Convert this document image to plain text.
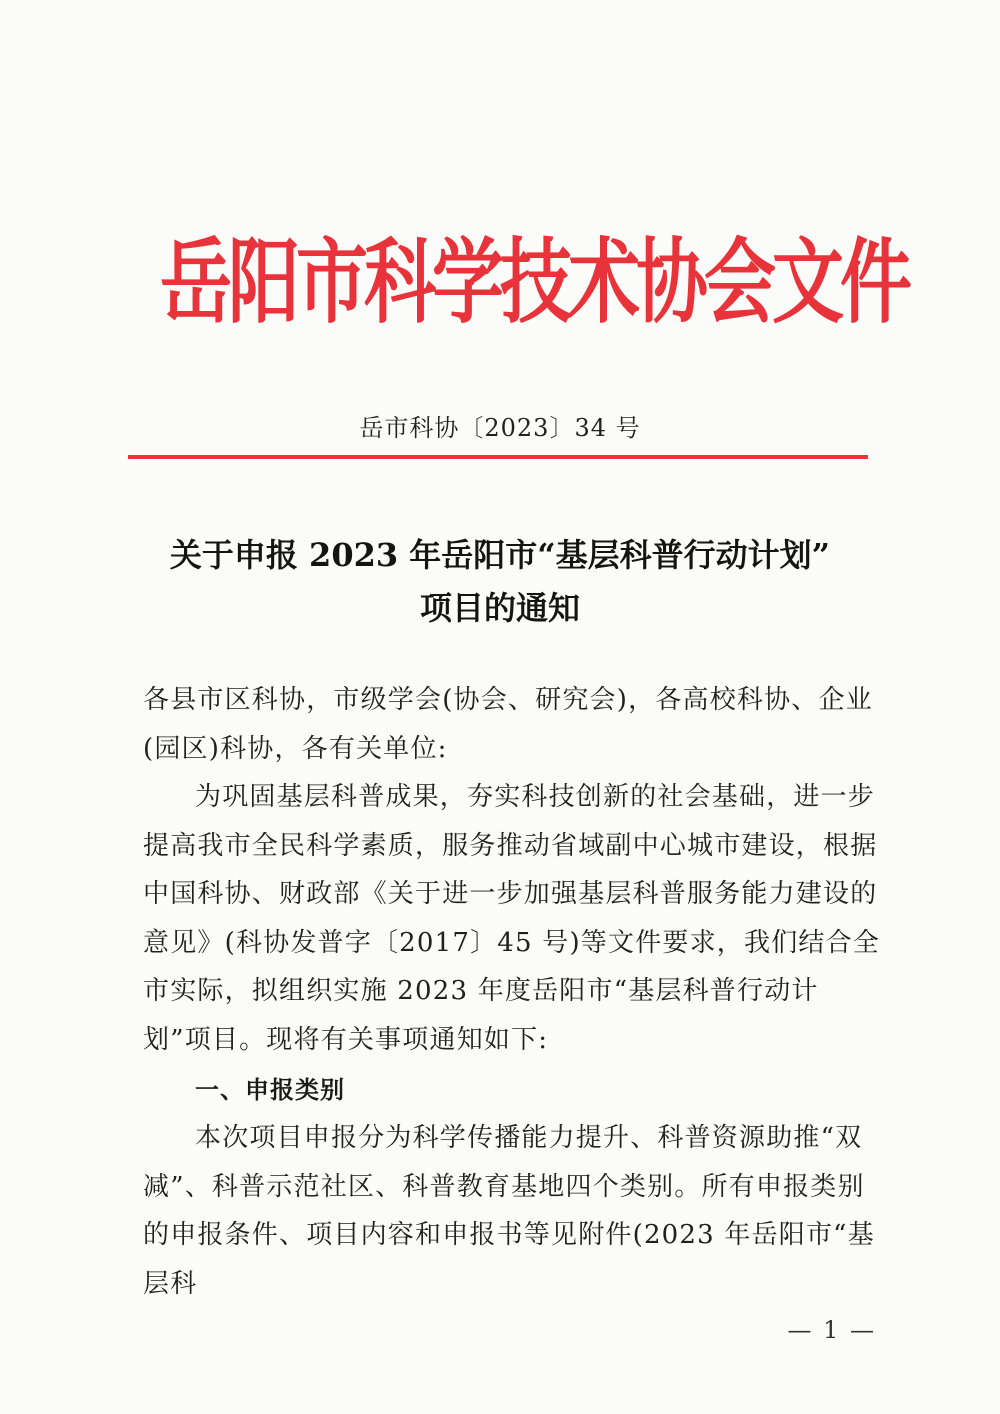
岳阳市科学技术协会文件
岳市科协〔2023〕34 号
关于申报 2023 年岳阳市“基层科普行动计划”
项目的通知
各县市区科协，市级学会(协会、研究会)，各高校科协、企业(园区)科协，各有关单位:
为巩固基层科普成果，夯实科技创新的社会基础，进一步提高我市全民科学素质，服务推动省域副中心城市建设，根据中国科协、财政部《关于进一步加强基层科普服务能力建设的意见》(科协发普字〔2017〕45 号)等文件要求，我们结合全市实际，拟组织实施 2023 年度岳阳市“基层科普行动计划”项目。现将有关事项通知如下:
一、申报类别
本次项目申报分为科学传播能力提升、科普资源助推“双减”、科普示范社区、科普教育基地四个类别。所有申报类别的申报条件、项目内容和申报书等见附件(2023 年岳阳市“基层科
— 1 —
